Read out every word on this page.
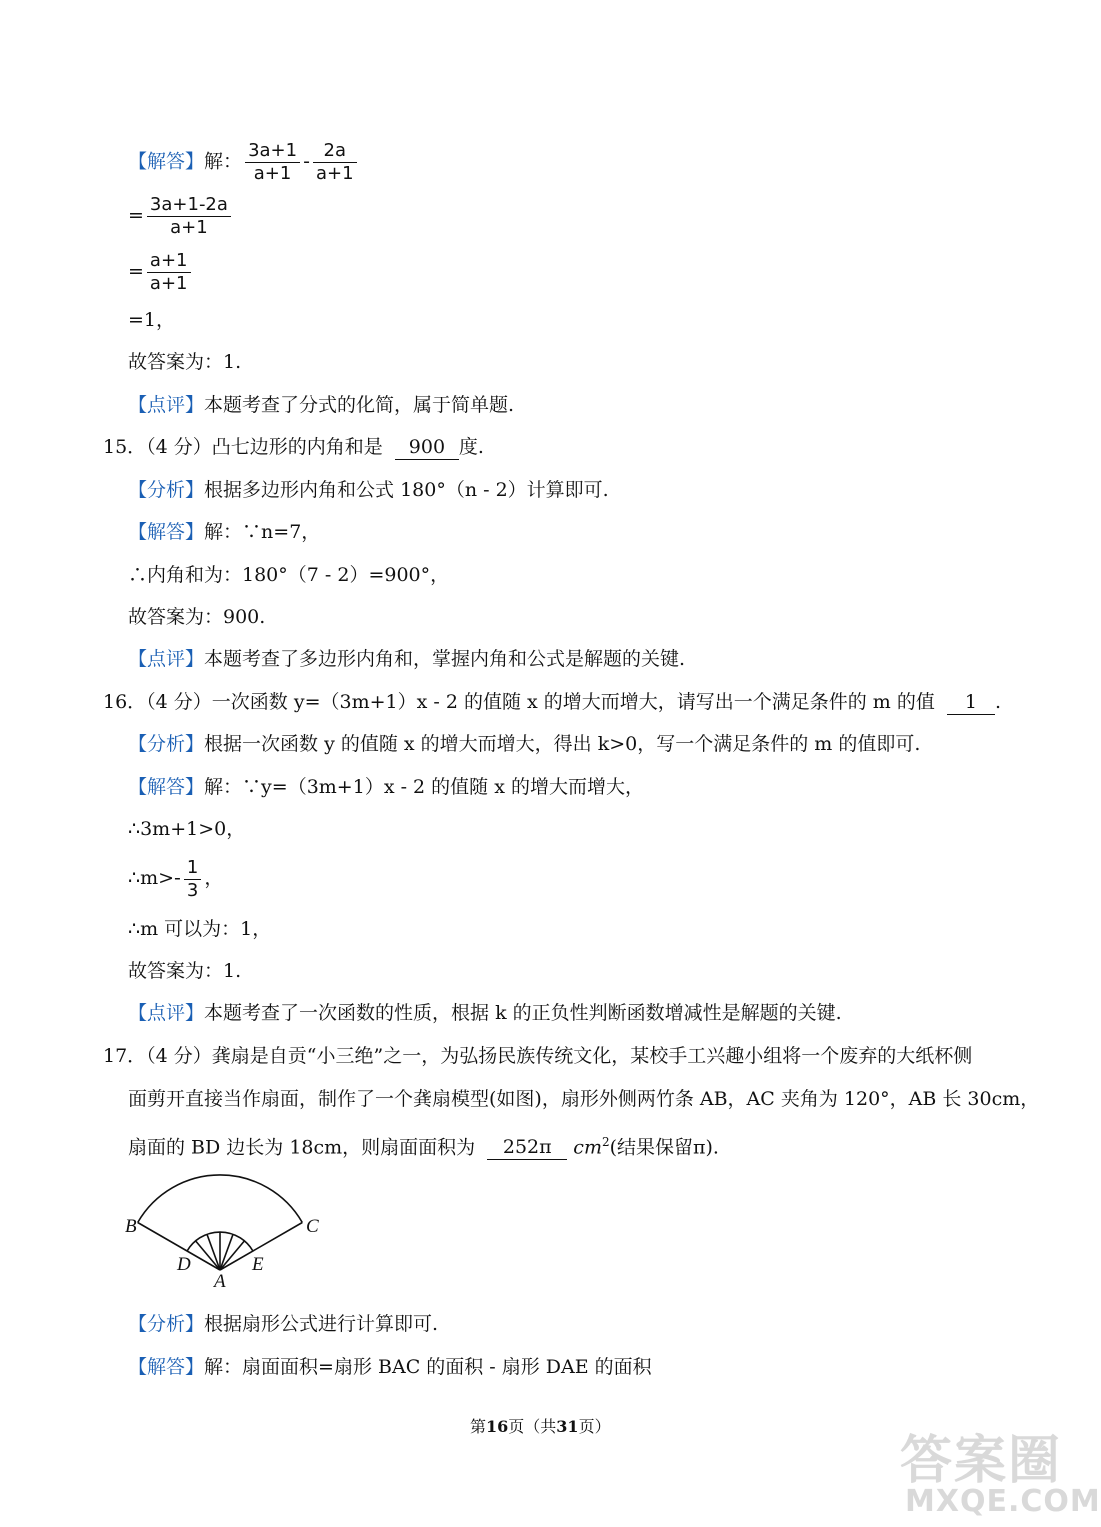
【解答】解： $\frac{3a+1}{a+1} - \frac{2a}{a+1}$
= $\frac{3a+1-2a}{a+1}$
= $\frac{a+1}{a+1}$
=1，
故答案为：1.
【点评】本题考查了分式的化简，属于简单题.
15．（4 分）凸七边形的内角和是 900 度.
【分析】根据多边形内角和公式 180°（n - 2）计算即可.
【解答】解：∵n=7，
∴内角和为：180°（7 - 2）=900°，
故答案为：900.
【点评】本题考查了多边形内角和，掌握内角和公式是解题的关键.
16．（4 分）一次函数 y=（3m+1）x - 2 的值随 x 的增大而增大，请写出一个满足条件的 m 的值 1 .
【分析】根据一次函数 y 的值随 x 的增大而增大，得出 k>0，写一个满足条件的 m 的值即可.
【解答】解：∵y=（3m+1）x - 2 的值随 x 的增大而增大，
∴3m+1>0，
∴m>- $\frac{1}{3}$ ，
∴m 可以为：1，
故答案为：1.
【点评】本题考查了一次函数的性质，根据 k 的正负性判断函数增减性是解题的关键.
17．（4 分）龚扇是自贡“小三绝”之一，为弘扬民族传统文化，某校手工兴趣小组将一个废弃的大纸杯侧
面剪开直接当作扇面，制作了一个龚扇模型(如图)，扇形外侧两竹条 AB，AC 夹角为 120°，AB 长 30cm，
扇面的 BD 边长为 18cm，则扇面面积为 252π $cm^2$(结果保留π).
B	C
D	E
A
【分析】根据扇形公式进行计算即可.
【解答】解：扇面面积=扇形 BAC 的面积 - 扇形 DAE 的面积
第16页（共31页）
答案圈
MXQE.COM
